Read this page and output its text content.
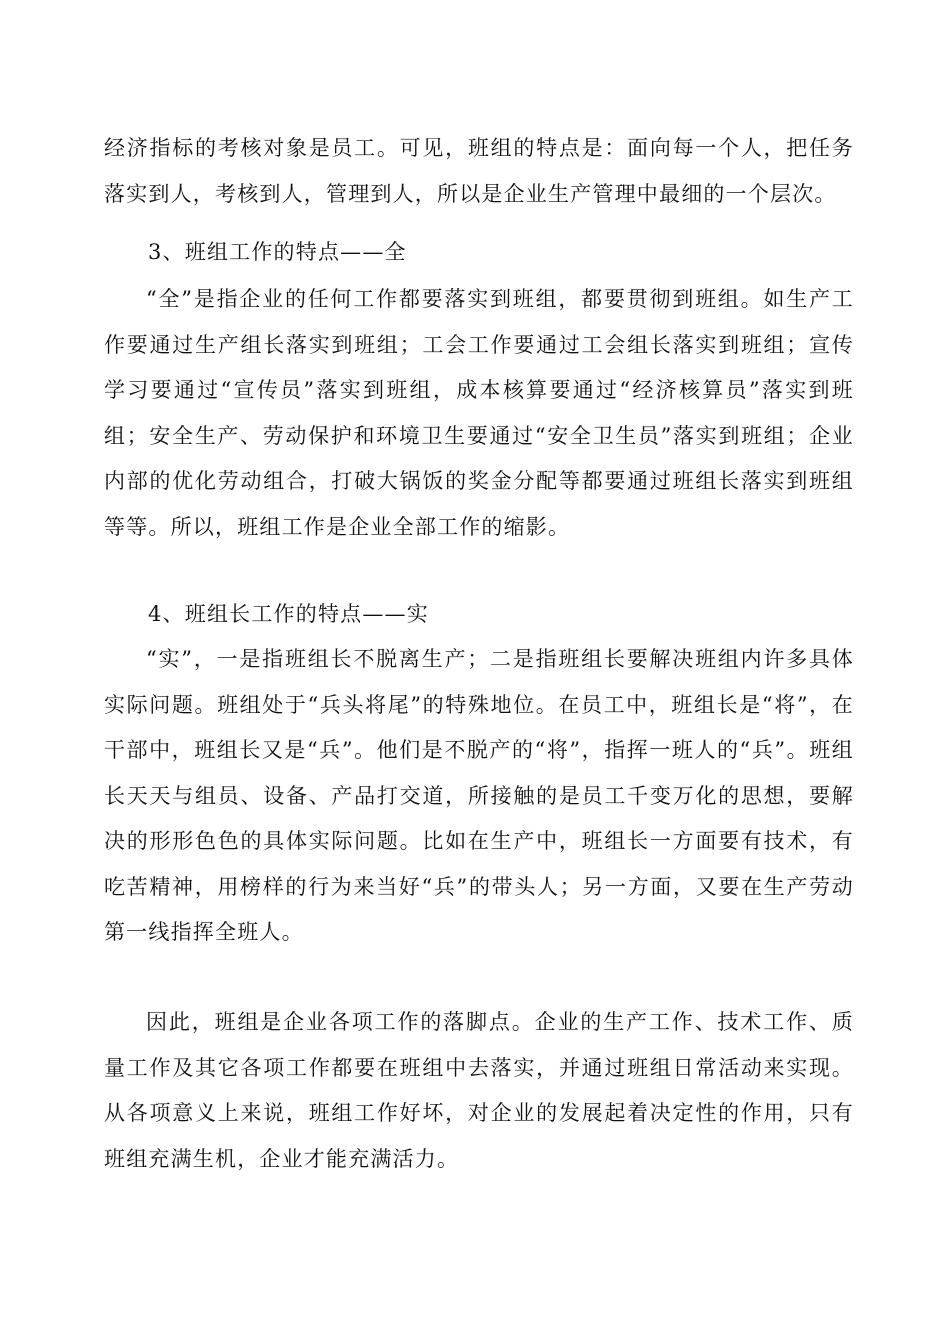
经济指标的考核对象是员工。可见，班组的特点是：面向每一个人，把任务落实到人，考核到人，管理到人，所以是企业生产管理中最细的一个层次。

3、班组工作的特点——全

“全”是指企业的任何工作都要落实到班组，都要贯彻到班组。如生产工作要通过生产组长落实到班组；工会工作要通过工会组长落实到班组；宣传学习要通过“宣传员”落实到班组，成本核算要通过“经济核算员”落实到班组；安全生产、劳动保护和环境卫生要通过“安全卫生员”落实到班组；企业内部的优化劳动组合，打破大锅饭的奖金分配等都要通过班组长落实到班组等等。所以，班组工作是企业全部工作的缩影。

4、班组长工作的特点——实

“实”，一是指班组长不脱离生产；二是指班组长要解决班组内许多具体实际问题。班组处于“兵头将尾”的特殊地位。在员工中，班组长是“将”，在干部中，班组长又是“兵”。他们是不脱产的“将”，指挥一班人的“兵”。班组长天天与组员、设备、产品打交道，所接触的是员工千变万化的思想，要解决的形形色色的具体实际问题。比如在生产中，班组长一方面要有技术，有吃苦精神，用榜样的行为来当好“兵”的带头人；另一方面，又要在生产劳动第一线指挥全班人。

因此，班组是企业各项工作的落脚点。企业的生产工作、技术工作、质量工作及其它各项工作都要在班组中去落实，并通过班组日常活动来实现。从各项意义上来说，班组工作好坏，对企业的发展起着决定性的作用，只有班组充满生机，企业才能充满活力。
